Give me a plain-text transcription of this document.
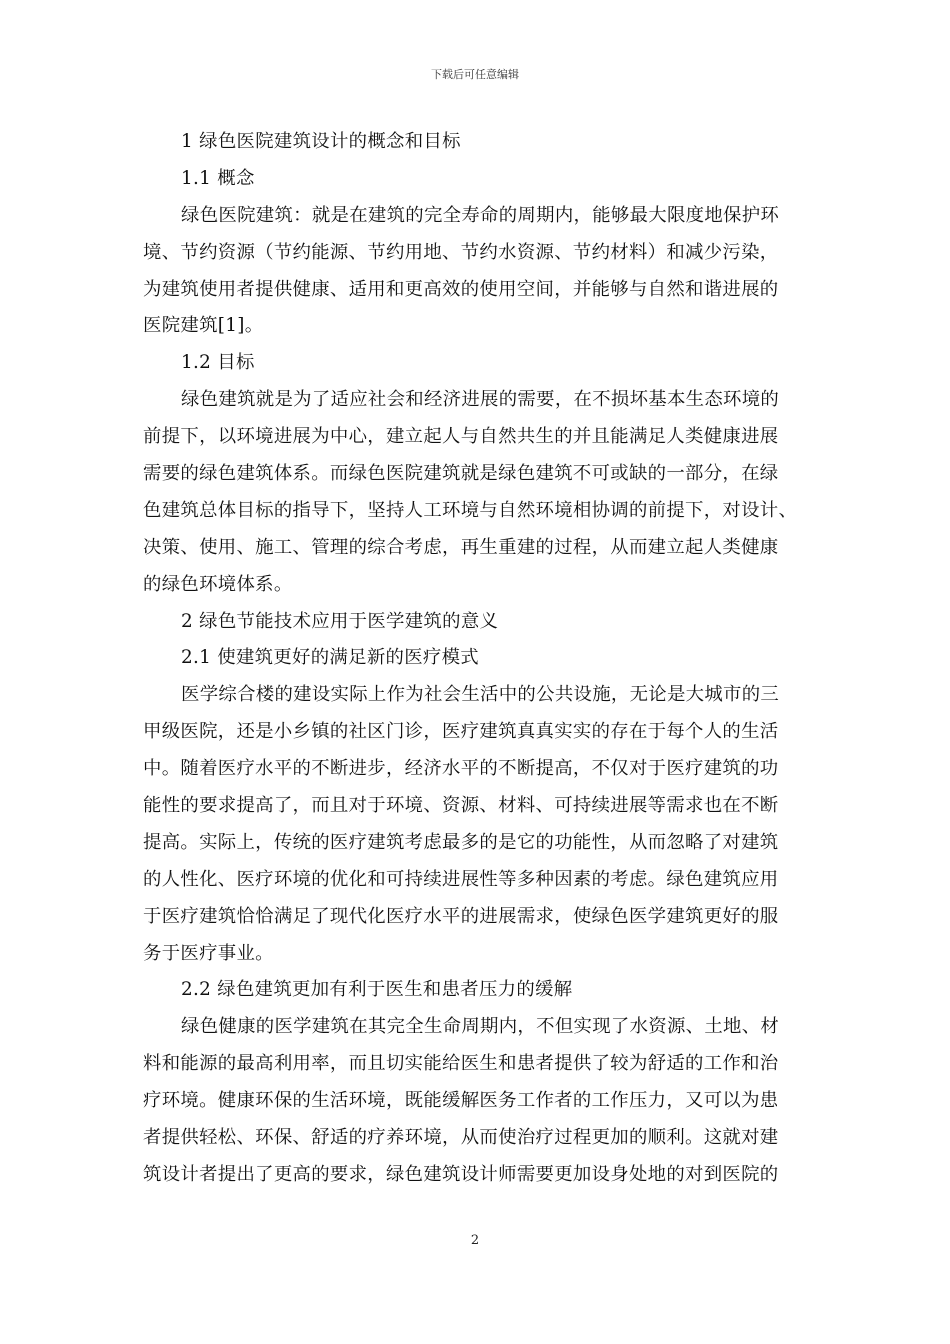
下载后可任意编辑
1 绿色医院建筑设计的概念和目标
1.1 概念
绿色医院建筑：就是在建筑的完全寿命的周期内，能够最大限度地保护环
境、节约资源（节约能源、节约用地、节约水资源、节约材料）和减少污染，
为建筑使用者提供健康、适用和更高效的使用空间，并能够与自然和谐进展的
医院建筑[1]。
1.2 目标
绿色建筑就是为了适应社会和经济进展的需要，在不损坏基本生态环境的
前提下，以环境进展为中心，建立起人与自然共生的并且能满足人类健康进展
需要的绿色建筑体系。而绿色医院建筑就是绿色建筑不可或缺的一部分，在绿
色建筑总体目标的指导下，坚持人工环境与自然环境相协调的前提下，对设计、
决策、使用、施工、管理的综合考虑，再生重建的过程，从而建立起人类健康
的绿色环境体系。
2 绿色节能技术应用于医学建筑的意义
2.1 使建筑更好的满足新的医疗模式
医学综合楼的建设实际上作为社会生活中的公共设施，无论是大城市的三
甲级医院，还是小乡镇的社区门诊，医疗建筑真真实实的存在于每个人的生活
中。随着医疗水平的不断进步，经济水平的不断提高，不仅对于医疗建筑的功
能性的要求提高了，而且对于环境、资源、材料、可持续进展等需求也在不断
提高。实际上，传统的医疗建筑考虑最多的是它的功能性，从而忽略了对建筑
的人性化、医疗环境的优化和可持续进展性等多种因素的考虑。绿色建筑应用
于医疗建筑恰恰满足了现代化医疗水平的进展需求，使绿色医学建筑更好的服
务于医疗事业。
2.2 绿色建筑更加有利于医生和患者压力的缓解
绿色健康的医学建筑在其完全生命周期内，不但实现了水资源、土地、材
料和能源的最高利用率，而且切实能给医生和患者提供了较为舒适的工作和治
疗环境。健康环保的生活环境，既能缓解医务工作者的工作压力，又可以为患
者提供轻松、环保、舒适的疗养环境，从而使治疗过程更加的顺利。这就对建
筑设计者提出了更高的要求，绿色建筑设计师需要更加设身处地的对到医院的
2
